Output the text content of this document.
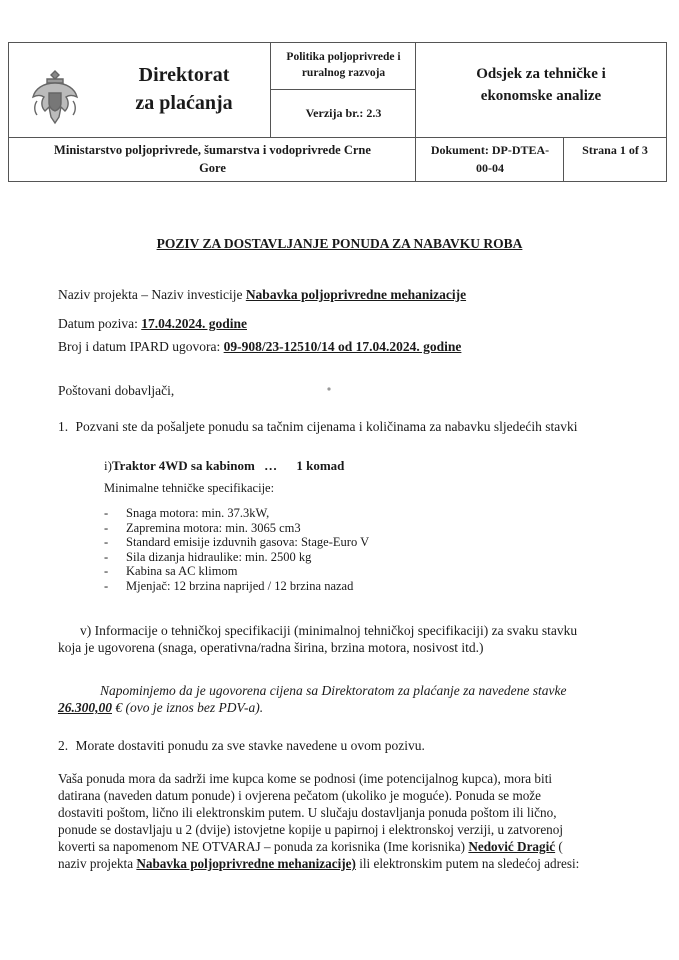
Direktorat
za plaćanja
Politika poljoprivrede i
ruralnog razvoja
Verzija br.: 2.3
Odsjek za tehničke i
ekonomske analize
Ministarstvo poljoprivrede, šumarstva i vodoprivrede Crne
Gore
Dokument: DP-DTEA-
00-04
Strana 1 of 3
POZIV ZA DOSTAVLJANJE PONUDA ZA NABAVKU ROBA
Naziv projekta – Naziv investicije Nabavka poljoprivredne mehanizacije
Datum poziva: 17.04.2024. godine
Broj i datum IPARD ugovora: 09-908/23-12510/14 od 17.04.2024. godine
Poštovani dobavljači,
1. Pozvani ste da pošaljete ponudu sa tačnim cijenama i količinama za nabavku sljedećih stavki
i)Traktor 4WD sa kabinom … 1 komad
Minimalne tehničke specifikacije:
- Snaga motora: min. 37.3kW,
- Zapremina motora: min. 3065 cm3
- Standard emisije izduvnih gasova: Stage-Euro V
- Sila dizanja hidraulike: min. 2500 kg
- Kabina sa AC klimom
- Mjenjač: 12 brzina naprijed / 12 brzina nazad
v) Informacije o tehničkoj specifikaciji (minimalnoj tehničkoj specifikaciji) za svaku stavku
koja je ugovorena (snaga, operativna/radna širina, brzina motora, nosivost itd.)
Napominjemo da je ugovorena cijena sa Direktoratom za plaćanje za navedene stavke
26.300,00 € (ovo je iznos bez PDV-a).
2. Morate dostaviti ponudu za sve stavke navedene u ovom pozivu.
Vaša ponuda mora da sadrži ime kupca kome se podnosi (ime potencijalnog kupca), mora biti
datirana (naveden datum ponude) i ovjerena pečatom (ukoliko je moguće). Ponuda se može
dostaviti poštom, lično ili elektronskim putem. U slučaju dostavljanja ponuda poštom ili lično,
ponude se dostavljaju u 2 (dvije) istovjetne kopije u papirnoj i elektronskoj verziji, u zatvorenoj
koverti sa napomenom NE OTVARAJ – ponuda za korisnika (Ime korisnika) Nedović Dragić (
naziv projekta Nabavka poljoprivredne mehanizacije) ili elektronskim putem na sledećoj adresi:
